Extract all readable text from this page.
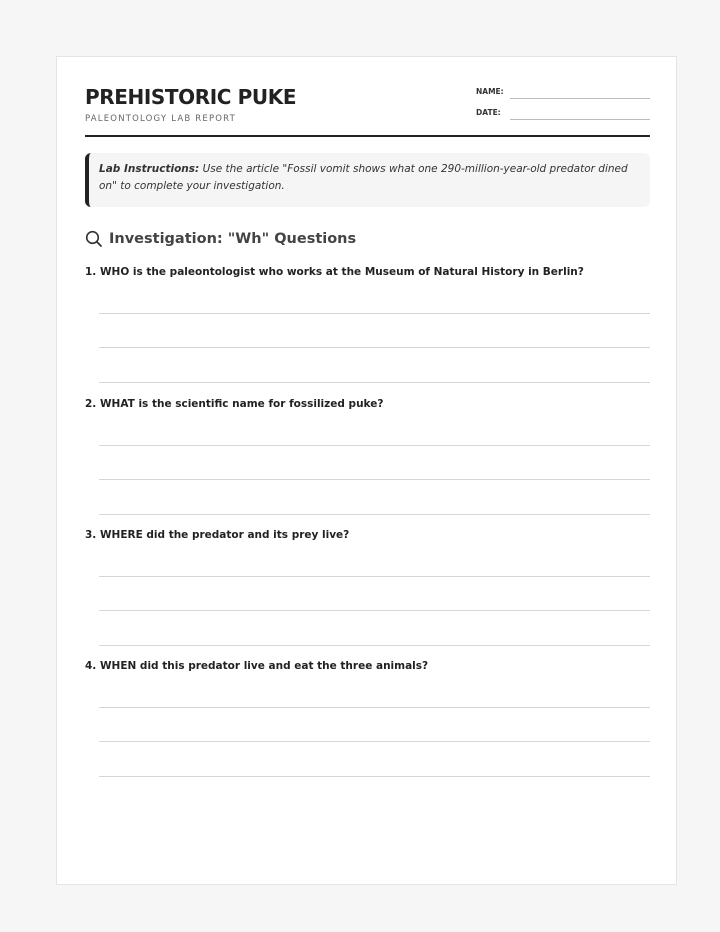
PREHISTORIC PUKE
PALEONTOLOGY LAB REPORT
NAME:
DATE:
Lab Instructions: Use the article "Fossil vomit shows what one 290-million-year-old predator dined on" to complete your investigation.
Investigation: "Wh" Questions
1. WHO is the paleontologist who works at the Museum of Natural History in Berlin?
2. WHAT is the scientific name for fossilized puke?
3. WHERE did the predator and its prey live?
4. WHEN did this predator live and eat the three animals?
